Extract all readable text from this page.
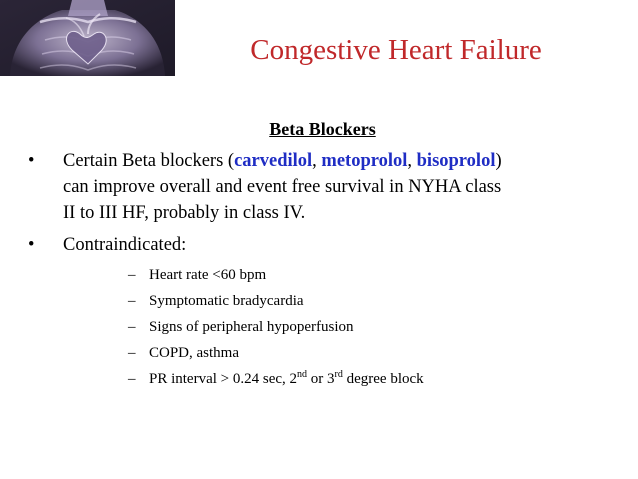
Congestive Heart Failure
Beta Blockers
•	Certain Beta blockers (carvedilol, metoprolol, bisoprolol)
can improve overall and event free survival in NYHA class
II to III HF, probably in class IV.
•	Contraindicated:
– Heart rate <60 bpm
– Symptomatic bradycardia
– Signs of peripheral hypoperfusion
– COPD, asthma
– PR interval > 0.24 sec, 2nd or 3rd degree block
